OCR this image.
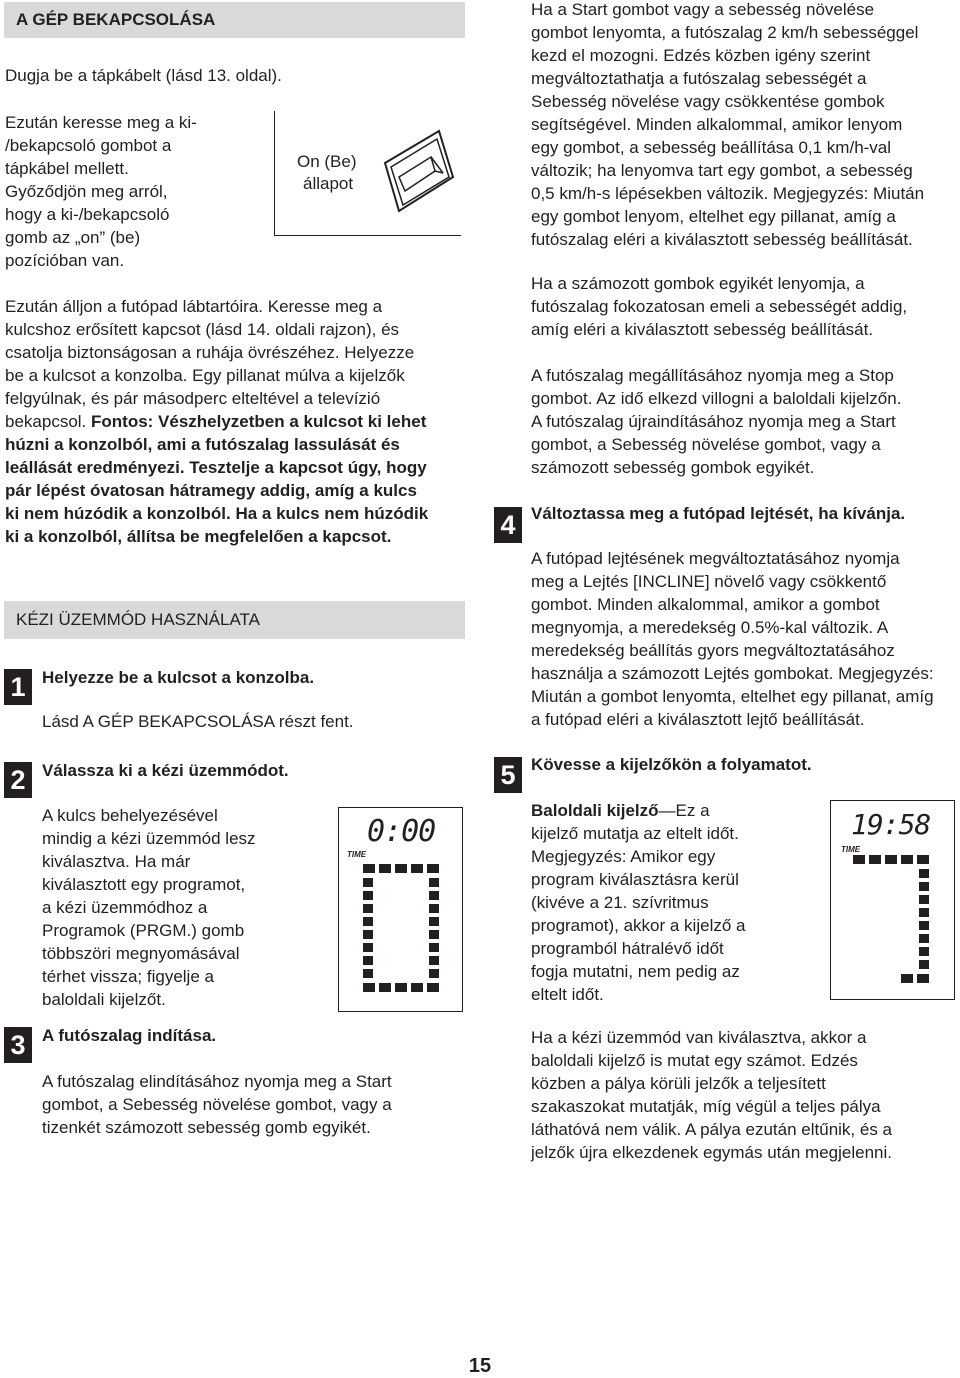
A GÉP BEKAPCSOLÁSA

Dugja be a tápkábelt (lásd 13. oldal).

Ezután keresse meg a ki-

/bekapcsoló gombot a

tápkábel mellett.

Győződjön meg arról,

hogy a ki-/bekapcsoló

gomb az „on” (be)

pozícióban van.

On (Be)
állapot

Ezután álljon a futópad lábtartóira. Keresse meg a

kulcshoz erősített kapcsot (lásd 14. oldali rajzon), és

csatolja biztonságosan a ruhája övrészéhez. Helyezze

be a kulcsot a konzolba. Egy pillanat múlva a kijelzők

felgyúlnak, és pár másodperc elteltével a televízió

bekapcsol. Fontos: Vészhelyzetben a kulcsot ki lehet

húzni a konzolból, ami a futószalag lassulását és

leállását eredményezi. Tesztelje a kapcsot úgy, hogy

pár lépést óvatosan hátramegy addig, amíg a kulcs

ki nem húzódik a konzolból. Ha a kulcs nem húzódik

ki a konzolból, állítsa be megfelelően a kapcsot.

KÉZI ÜZEMMÓD HASZNÁLATA
1 Helyezze be a kulcsot a konzolba.

Lásd A GÉP BEKAPCSOLÁSA részt fent.

2 Válassza ki a kézi üzemmódot.

A kulcs behelyezésével

mindig a kézi üzemmód lesz

kiválasztva. Ha már

kiválasztott egy programot,

a kézi üzemmódhoz a

Programok (PRGM.) gomb

többszöri megnyomásával

térhet vissza; figyelje a

baloldali kijelzőt.

0:00
TIME
3 A futószalag indítása.

A futószalag elindításához nyomja meg a Start

gombot, a Sebesség növelése gombot, vagy a

tizenkét számozott sebesség gomb egyikét.

Ha a Start gombot vagy a sebesség növelése

gombot lenyomta, a futószalag 2 km/h sebességgel

kezd el mozogni. Edzés közben igény szerint

megváltoztathatja a futószalag sebességét a

Sebesség növelése vagy csökkentése gombok

segítségével. Minden alkalommal, amikor lenyom

egy gombot, a sebesség beállítása 0,1 km/h-val

változik; ha lenyomva tart egy gombot, a sebesség

0,5 km/h-s lépésekben változik. Megjegyzés: Miután

egy gombot lenyom, eltelhet egy pillanat, amíg a

futószalag eléri a kiválasztott sebesség beállítását.

Ha a számozott gombok egyikét lenyomja, a

futószalag fokozatosan emeli a sebességét addig,

amíg eléri a kiválasztott sebesség beállítását.

A futószalag megállításához nyomja meg a Stop

gombot. Az idő elkezd villogni a baloldali kijelzőn.

A futószalag újraindításához nyomja meg a Start

gombot, a Sebesség növelése gombot, vagy a

számozott sebesség gombok egyikét.

4 Változtassa meg a futópad lejtését, ha kívánja.

A futópad lejtésének megváltoztatásához nyomja

meg a Lejtés [INCLINE] növelő vagy csökkentő

gombot. Minden alkalommal, amikor a gombot

megnyomja, a meredekség 0.5%-kal változik. A

meredekség beállítás gyors megváltoztatásához

használja a számozott Lejtés gombokat. Megjegyzés:

Miután a gombot lenyomta, eltelhet egy pillanat, amíg

a futópad eléri a kiválasztott lejtő beállítását.

5 Kövesse a kijelzőkön a folyamatot.

Baloldali kijelző—Ez a

kijelző mutatja az eltelt időt.

Megjegyzés: Amikor egy

program kiválasztásra kerül

(kivéve a 21. szívritmus

programot), akkor a kijelző a

programból hátralévő időt

fogja mutatni, nem pedig az

eltelt időt.

19:58
TIME

Ha a kézi üzemmód van kiválasztva, akkor a

baloldali kijelző is mutat egy számot. Edzés

közben a pálya körüli jelzők a teljesített

szakaszokat mutatják, míg végül a teljes pálya

láthatóvá nem válik. A pálya ezután eltűnik, és a

jelzők újra elkezdenek egymás után megjelenni.

15
